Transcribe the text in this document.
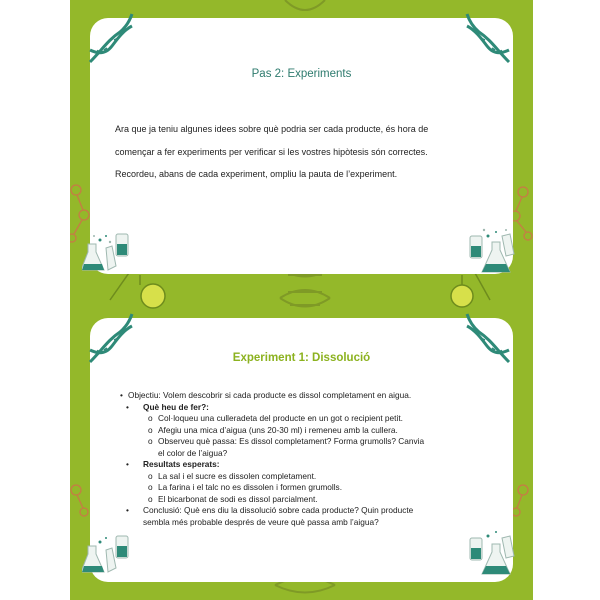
Pas 2: Experiments

Ara que ja teniu algunes idees sobre què podria ser cada producte, és hora de

començar a fer experiments per verificar si les vostres hipòtesis són correctes.

Recordeu, abans de cada experiment, ompliu la pauta de l’experiment.

Experiment 1: Dissolució
• Objectiu: Volem descobrir si cada producte es dissol completament en aigua.
• Què heu de fer?:
o Col·loqueu una culleradeta del producte en un got o recipient petit.
o Afegiu una mica d’aigua (uns 20-30 ml) i remeneu amb la cullera.
o Observeu què passa: Es dissol completament? Forma grumolls? Canvia
el color de l’aigua?
• Resultats esperats:
o La sal i el sucre es dissolen completament.
o La farina i el talc no es dissolen i formen grumolls.
o El bicarbonat de sodi es dissol parcialment.
• Conclusió: Què ens diu la dissolució sobre cada producte? Quin producte
sembla més probable després de veure què passa amb l’aigua?
